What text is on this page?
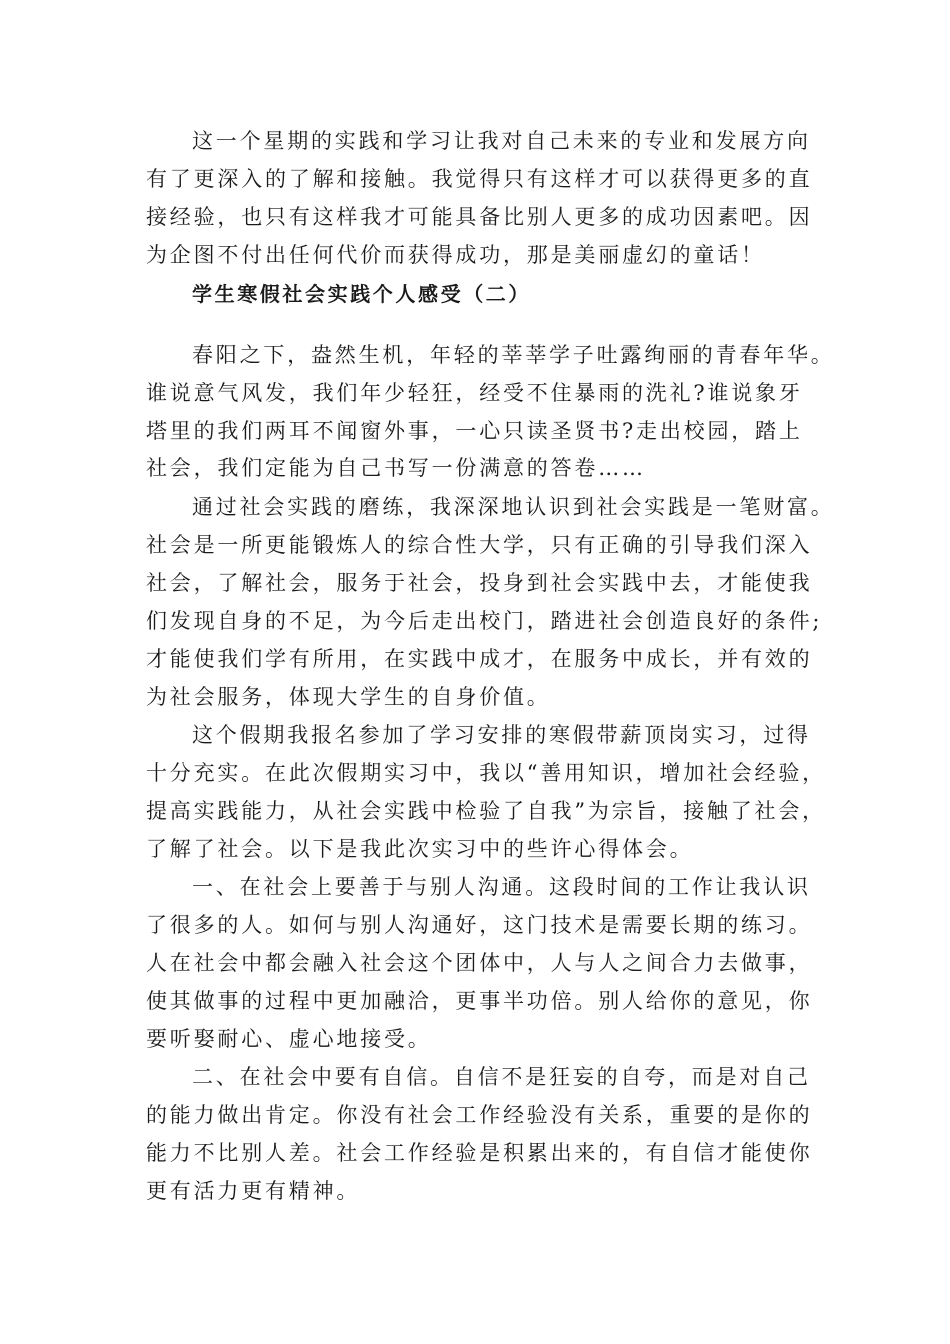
这一个星期的实践和学习让我对自己未来的专业和发展方向
有了更深入的了解和接触。我觉得只有这样才可以获得更多的直
接经验，也只有这样我才可能具备比别人更多的成功因素吧。因
为企图不付出任何代价而获得成功，那是美丽虚幻的童话！
学生寒假社会实践个人感受（二）
春阳之下，盎然生机，年轻的莘莘学子吐露绚丽的青春年华。
谁说意气风发，我们年少轻狂，经受不住暴雨的洗礼?谁说象牙
塔里的我们两耳不闻窗外事，一心只读圣贤书?走出校园，踏上
社会，我们定能为自己书写一份满意的答卷……
通过社会实践的磨练，我深深地认识到社会实践是一笔财富。
社会是一所更能锻炼人的综合性大学，只有正确的引导我们深入
社会，了解社会，服务于社会，投身到社会实践中去，才能使我
们发现自身的不足，为今后走出校门，踏进社会创造良好的条件;
才能使我们学有所用，在实践中成才，在服务中成长，并有效的
为社会服务，体现大学生的自身价值。
这个假期我报名参加了学习安排的寒假带薪顶岗实习，过得
十分充实。在此次假期实习中，我以“善用知识，增加社会经验，
提高实践能力，从社会实践中检验了自我”为宗旨，接触了社会，
了解了社会。以下是我此次实习中的些许心得体会。
一、在社会上要善于与别人沟通。这段时间的工作让我认识
了很多的人。如何与别人沟通好，这门技术是需要长期的练习。
人在社会中都会融入社会这个团体中，人与人之间合力去做事，
使其做事的过程中更加融洽，更事半功倍。别人给你的意见，你
要听娶耐心、虚心地接受。
二、在社会中要有自信。自信不是狂妄的自夸，而是对自己
的能力做出肯定。你没有社会工作经验没有关系，重要的是你的
能力不比别人差。社会工作经验是积累出来的，有自信才能使你
更有活力更有精神。
